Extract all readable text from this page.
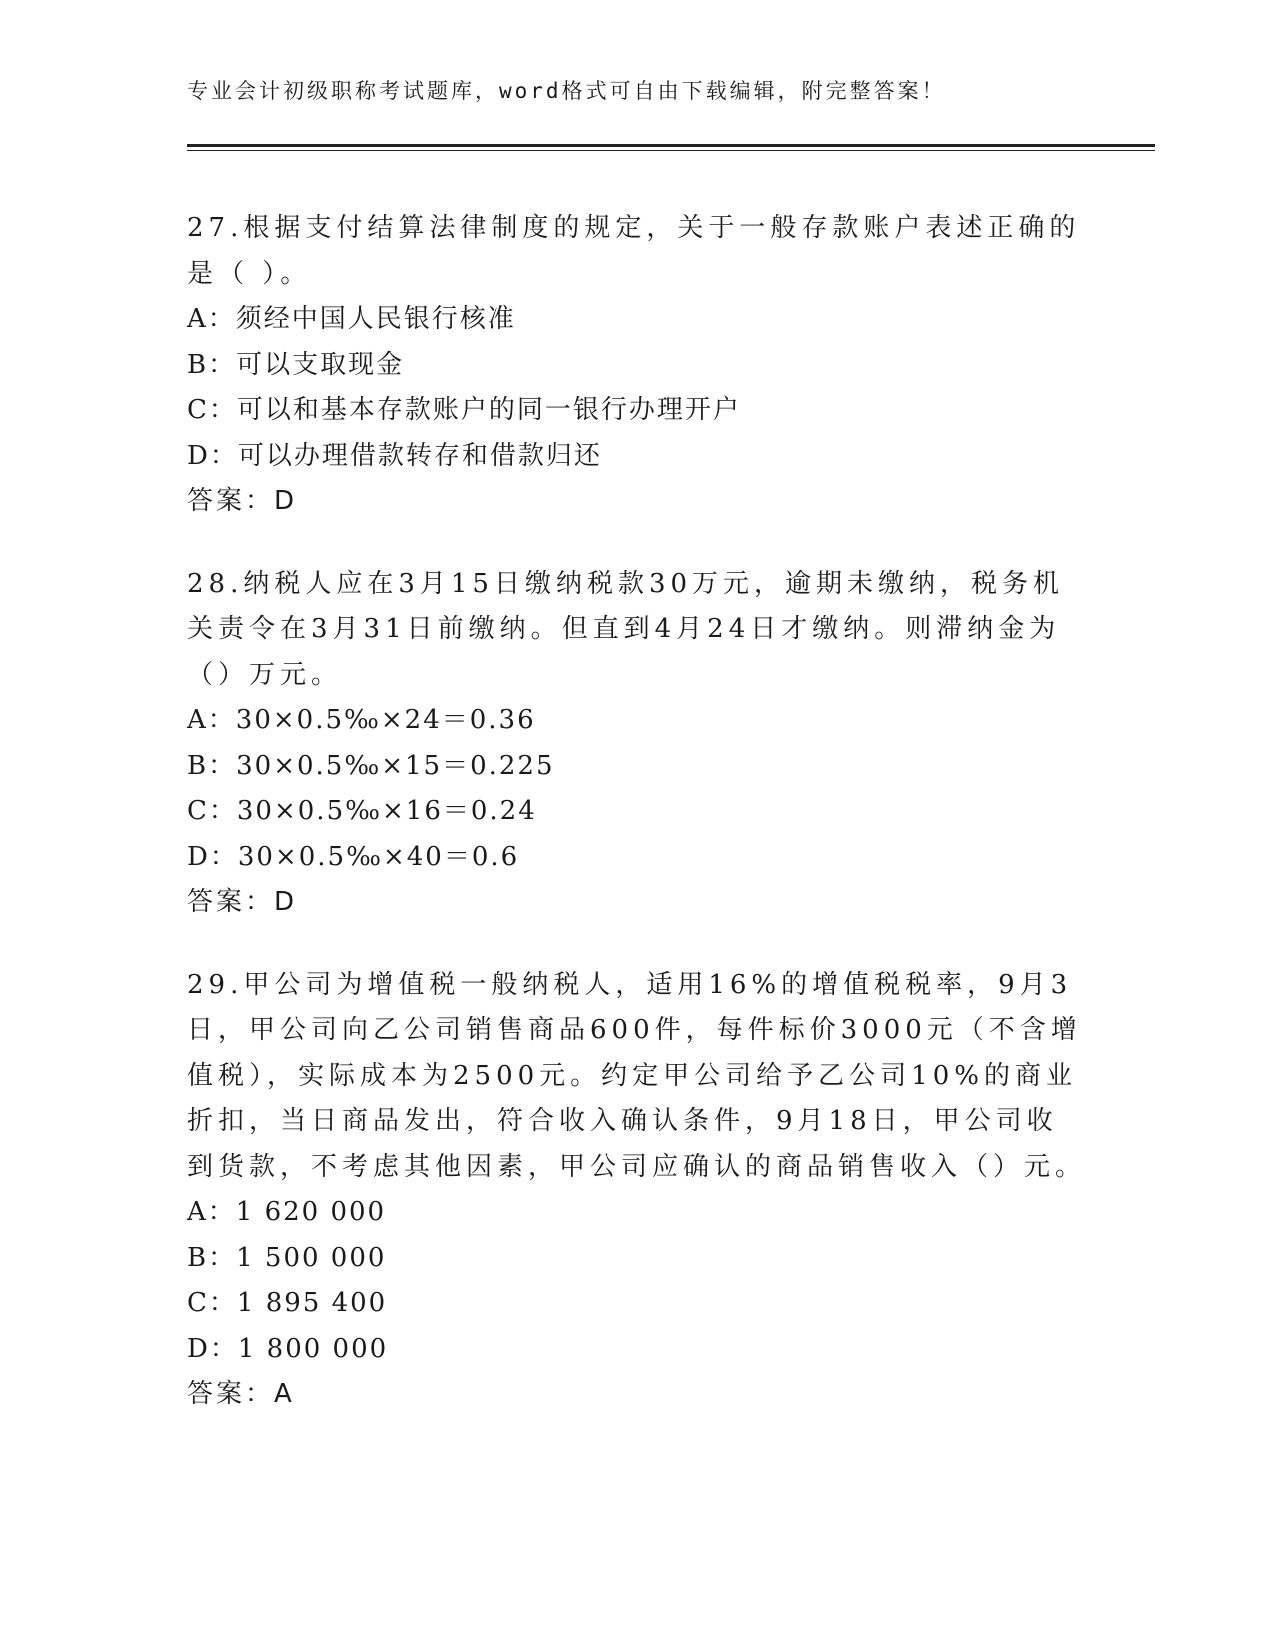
专业会计初级职称考试题库，word格式可自由下载编辑，附完整答案！

27.根据支付结算法律制度的规定，关于一般存款账户表述正确的是（ ）。

A：须经中国人民银行核准

B：可以支取现金

C：可以和基本存款账户的同一银行办理开户

D：可以办理借款转存和借款归还

答案：D

28.纳税人应在3月15日缴纳税款30万元，逾期未缴纳，税务机关责令在3月31日前缴纳。但直到4月24日才缴纳。则滞纳金为（）万元。

A：30×0.5‰×24＝0.36

B：30×0.5‰×15＝0.225

C：30×0.5‰×16＝0.24

D：30×0.5‰×40＝0.6

答案：D

29.甲公司为增值税一般纳税人，适用16%的增值税税率，9月3日，甲公司向乙公司销售商品600件，每件标价3000元（不含增值税），实际成本为2500元。约定甲公司给予乙公司10%的商业折扣，当日商品发出，符合收入确认条件，9月18日，甲公司收到货款，不考虑其他因素，甲公司应确认的商品销售收入（）元。

A：1 620 000

B：1 500 000

C：1 895 400

D：1 800 000

答案：A
